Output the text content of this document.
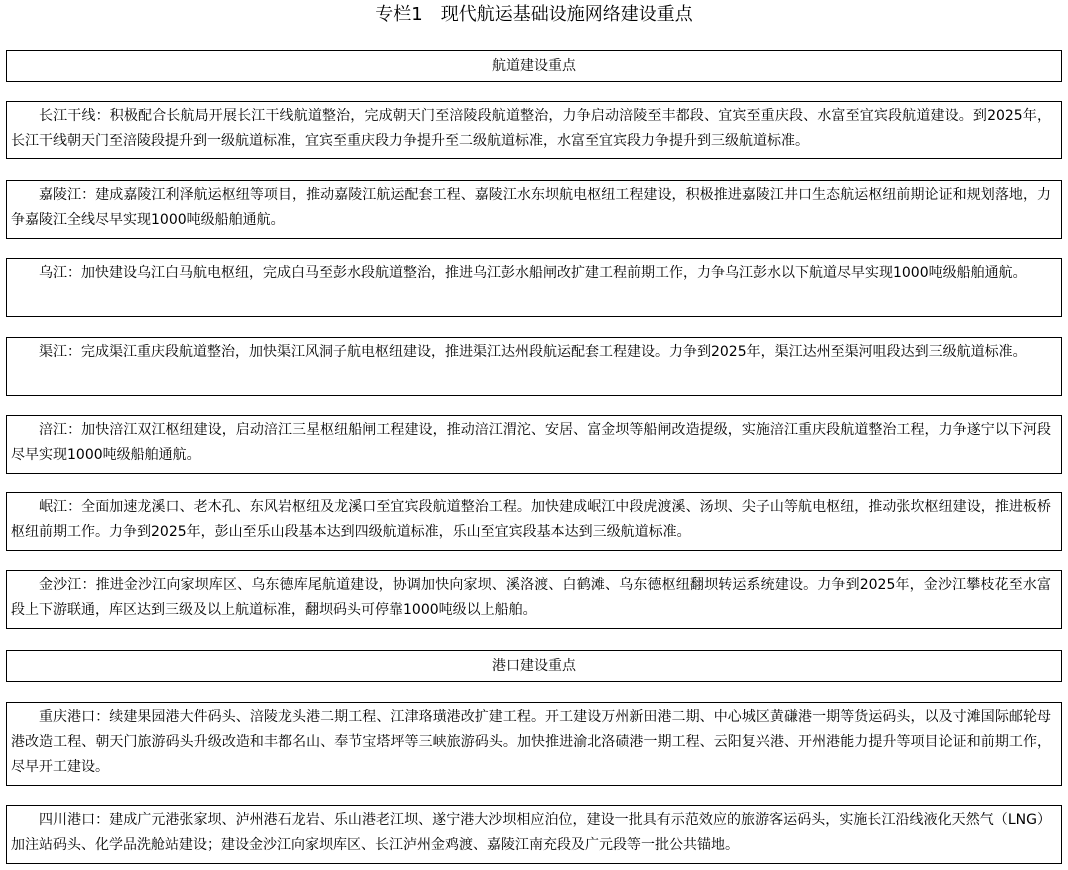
专栏1　现代航运基础设施网络建设重点
航道建设重点
长江干线：积极配合长航局开展长江干线航道整治，完成朝天门至涪陵段航道整治，力争启动涪陵至丰都段、宜宾至重庆段、水富至宜宾段航道建设。到2025年，长江干线朝天门至涪陵段提升到一级航道标准，宜宾至重庆段力争提升至二级航道标准，水富至宜宾段力争提升到三级航道标准。
嘉陵江：建成嘉陵江利泽航运枢纽等项目，推动嘉陵江航运配套工程、嘉陵江水东坝航电枢纽工程建设，积极推进嘉陵江井口生态航运枢纽前期论证和规划落地，力争嘉陵江全线尽早实现1000吨级船舶通航。
乌江：加快建设乌江白马航电枢纽，完成白马至彭水段航道整治，推进乌江彭水船闸改扩建工程前期工作，力争乌江彭水以下航道尽早实现1000吨级船舶通航。
渠江：完成渠江重庆段航道整治，加快渠江风洞子航电枢纽建设，推进渠江达州段航运配套工程建设。力争到2025年，渠江达州至渠河咀段达到三级航道标准。
涪江：加快涪江双江枢纽建设，启动涪江三星枢纽船闸工程建设，推动涪江渭沱、安居、富金坝等船闸改造提级，实施涪江重庆段航道整治工程，力争遂宁以下河段尽早实现1000吨级船舶通航。
岷江：全面加速龙溪口、老木孔、东风岩枢纽及龙溪口至宜宾段航道整治工程。加快建成岷江中段虎渡溪、汤坝、尖子山等航电枢纽，推动张坎枢纽建设，推进板桥枢纽前期工作。力争到2025年，彭山至乐山段基本达到四级航道标准，乐山至宜宾段基本达到三级航道标准。
金沙江：推进金沙江向家坝库区、乌东德库尾航道建设，协调加快向家坝、溪洛渡、白鹤滩、乌东德枢纽翻坝转运系统建设。力争到2025年，金沙江攀枝花至水富段上下游联通，库区达到三级及以上航道标准，翻坝码头可停靠1000吨级以上船舶。
港口建设重点
重庆港口：续建果园港大件码头、涪陵龙头港二期工程、江津珞璜港改扩建工程。开工建设万州新田港二期、中心城区黄磏港一期等货运码头，以及寸滩国际邮轮母港改造工程、朝天门旅游码头升级改造和丰都名山、奉节宝塔坪等三峡旅游码头。加快推进渝北洛碛港一期工程、云阳复兴港、开州港能力提升等项目论证和前期工作，尽早开工建设。
四川港口：建成广元港张家坝、泸州港石龙岩、乐山港老江坝、遂宁港大沙坝相应泊位，建设一批具有示范效应的旅游客运码头，实施长江沿线液化天然气（LNG）加注站码头、化学品洗舱站建设；建设金沙江向家坝库区、长江泸州金鸡渡、嘉陵江南充段及广元段等一批公共锚地。
